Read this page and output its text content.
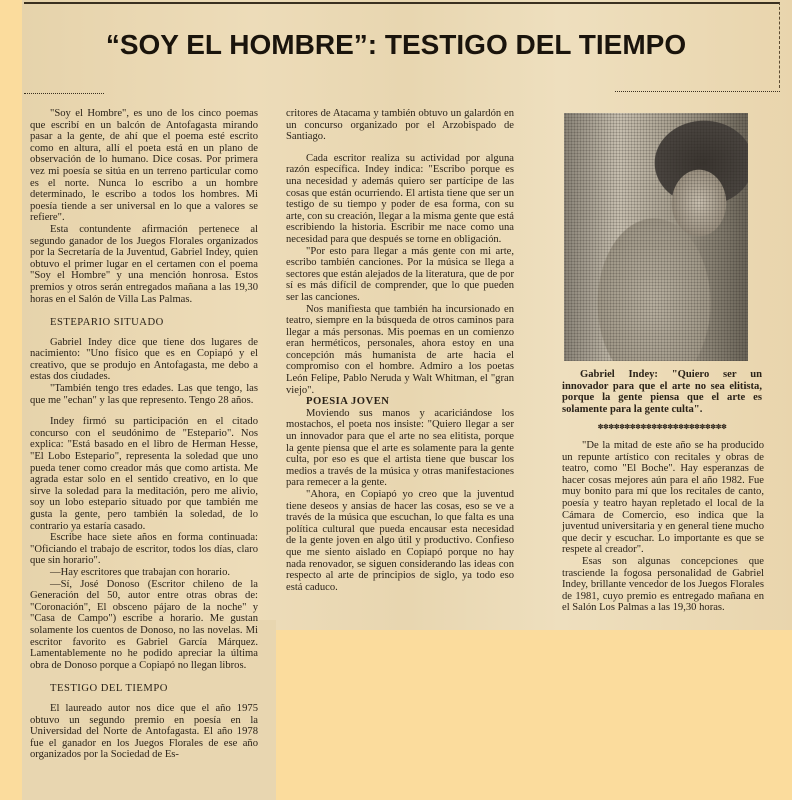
“SOY EL HOMBRE”: TESTIGO DEL TIEMPO

"Soy el Hombre", es uno de los cinco poemas que escribí en un balcón de Antofagasta mirando pasar a la gente, de ahí que el poema esté escrito como en altura, allí el poeta está en un plano de observación de lo humano. Dice cosas. Por primera vez mi poesía se sitúa en un terreno particular como es el norte. Nunca lo escribo a un hombre determinado, le escribo a todos los hombres. Mi poesía tiende a ser universal en lo que a valores se refiere".

Esta contundente afirmación pertenece al segundo ganador de los Juegos Florales organizados por la Secretaría de la Juventud, Gabriel Indey, quien obtuvo el primer lugar en el certamen con el poema "Soy el Hombre" y una mención honrosa. Estos premios y otros serán entregados mañana a las 19,30 horas en el Salón de Villa Las Palmas.

ESTEPARIO SITUADO

Gabriel Indey dice que tiene dos lugares de nacimiento: "Uno físico que es en Copiapó y el creativo, que se produjo en Antofagasta, me debo a estas dos ciudades.

"También tengo tres edades. Las que tengo, las que me "echan" y las que represento. Tengo 28 años.

Indey firmó su participación en el citado concurso con el seudónimo de "Estepario". Nos explica: "Está basado en el libro de Herman Hesse, "El Lobo Estepario", representa la soledad que uno pueda tener como creador más que como artista. Me agrada estar solo en el sentido creativo, en lo que sirve la soledad para la meditación, pero me alivio, soy un lobo estepario situado por que también me gusta la gente, pero también la soledad, de lo contrario ya estaría casado.

Escribe hace siete años en forma continuada: "Oficiando el trabajo de escritor, todos los días, claro que sin horario".

—Hay escritores que trabajan con horario.

—Sí, José Donoso (Escritor chileno de la Generación del 50, autor entre otras obras de: "Coronación", El obsceno pájaro de la noche" y "Casa de Campo") escribe a horario. Me gustan solamente los cuentos de Donoso, no las novelas. Mi escritor favorito es Gabriel García Márquez. Lamentablemente no he podido apreciar la última obra de Donoso porque a Copiapó no llegan libros.

TESTIGO DEL TIEMPO

El laureado autor nos dice que el año 1975 obtuvo un segundo premio en poesía en la Universidad del Norte de Antofagasta. El año 1978 fue el ganador en los Juegos Florales de ese año organizados por la Sociedad de Es-

critores de Atacama y también obtuvo un galardón en un concurso organizado por el Arzobispado de Santiago.

Cada escritor realiza su actividad por alguna razón específica. Indey indica: "Escribo porque es una necesidad y además quiero ser partícipe de las cosas que están ocurriendo. El artista tiene que ser un testigo de su tiempo y poder de esa forma, con su arte, con su creación, llegar a la misma gente que está escribiendo la historia. Escribir me nace como una necesidad para que después se torne en obligación.

"Por esto para llegar a más gente con mi arte, escribo también canciones. Por la música se llega a sectores que están alejados de la literatura, que de por sí es más difícil de comprender, que lo que pueden ser las canciones.

Nos manifiesta que también ha incursionado en teatro, siempre en la búsqueda de otros caminos para llegar a más personas. Mis poemas en un comienzo eran herméticos, personales, ahora estoy en una concepción más humanista de arte hacia el compromiso con el hombre. Admiro a los poetas León Felipe, Pablo Neruda y Walt Whitman, el "gran viejo".

POESIA JOVEN

Moviendo sus manos y acariciándose los mostachos, el poeta nos insiste: "Quiero llegar a ser un innovador para que el arte no sea elitista, porque la gente piensa que el arte es solamente para la gente culta, por eso es que el artista tiene que buscar los medios a través de la música y otras manifestaciones para remecer a la gente.

"Ahora, en Copiapó yo creo que la juventud tiene deseos y ansias de hacer las cosas, eso se ve a través de la música que escuchan, lo que falta es una política cultural que pueda encausar esta necesidad de la gente joven en algo útil y productivo. Confieso que me siento aislado en Copiapó porque no hay nada renovador, se siguen considerando las ideas con respecto al arte de principios de siglo, ya todo eso está caduco.

Gabriel Indey: "Quiero ser un innovador para que el arte no sea elitista, porque la gente piensa que el arte es solamente para la gente culta".
✽✽✽✽✽✽✽✽✽✽✽✽✽✽✽✽✽✽✽✽✽✽✽✽

"De la mitad de este año se ha producido un repunte artístico con recitales y obras de teatro, como "El Boche". Hay esperanzas de hacer cosas mejores aún para el año 1982. Fue muy bonito para mí que los recitales de canto, poesía y teatro hayan repletado el local de la Cámara de Comercio, eso indica que la juventud universitaria y en general tiene mucho que decir y escuchar. Lo importante es que se respete al creador".

Esas son algunas concepciones que trasciende la fogosa personalidad de Gabriel Indey, brillante vencedor de los Juegos Florales de 1981, cuyo premio es entregado mañana en el Salón Los Palmas a las 19,30 horas.
